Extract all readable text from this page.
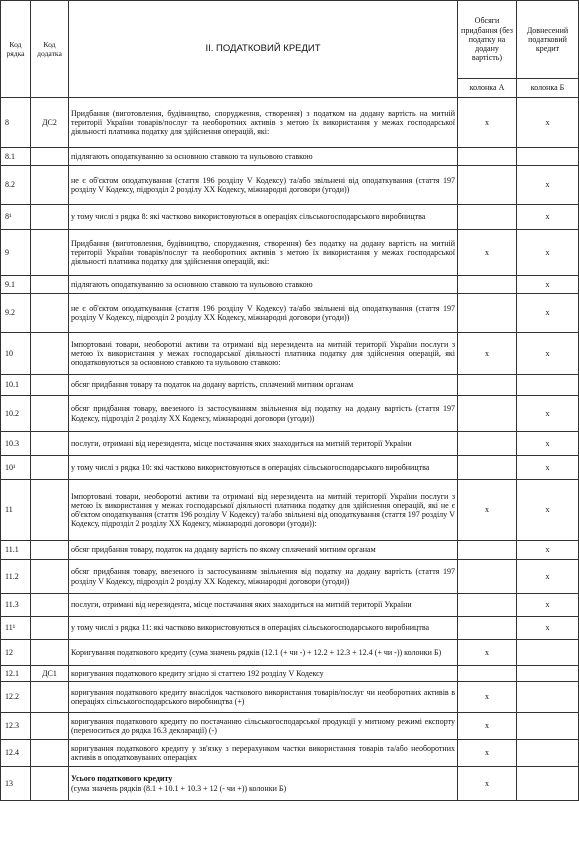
Код рядка	Код додатка	ІІ. ПОДАТКОВИЙ КРЕДИТ	Обсяги придбання (без податку на додану вартість)	Довнесений податковий кредит
			колонка А	колонка Б
8	ДС2	Придбання (виготовлення, будівництво, спорудження, створення) з податком на додану вартість на митній території України товарів/послуг та необоротних активів з метою їх використання у межах господарської діяльності платника податку для здійснення операцій, які:	x	x
8.1		підлягають оподаткуванню за основною ставкою та нульовою ставкою		
8.2		не є об'єктом оподаткування (стаття 196 розділу V Кодексу) та/або звільнені від оподаткування (стаття 197 розділу V Кодексу, підрозділ 2 розділу XX Кодексу, міжнародні договори (угоди))		x
8¹		у тому числі з рядка 8: які частково використовуються в операціях сільськогосподарського виробництва		x
9		Придбання (виготовлення, будівництво, спорудження, створення) без податку на додану вартість на митній території України товарів/послуг та необоротних активів з метою їх використання у межах господарської діяльності платника податку для здійснення операцій, які:	x	x
9.1		підлягають оподаткуванню за основною ставкою та нульовою ставкою		x
9.2		не є об'єктом оподаткування (стаття 196 розділу V Кодексу) та/або звільнені від оподаткування (стаття 197 розділу V Кодексу, підрозділ 2 розділу XX Кодексу, міжнародні договори (угоди))		x
10		Імпортовані товари, необоротні активи та отримані від нерезидента на митній території України послуги з метою їх використання у межах господарської діяльності платника податку для здійснення операцій, які оподатковуються за основною ставкою та нульовою ставкою:	x	x
10.1		обсяг придбання товару та податок на додану вартість, сплачений митним органам		
10.2		обсяг придбання товару, ввезеного із застосуванням звільнення від податку на додану вартість (стаття 197 Кодексу, підрозділ 2 розділу XX Кодексу, міжнародні договори (угоди))		x
10.3		послуги, отримані від нерезидента, місце постачання яких знаходиться на митній території України		x
10¹		у тому числі з рядка 10: які частково використовуються в операціях сільськогосподарського виробництва		x
11		Імпортовані товари, необоротні активи та отримані від нерезидента на митній території України послуги з метою їх використання у межах господарської діяльності платника податку для здійснення операцій, які не є об'єктом оподаткування (стаття 196 розділу V Кодексу) та/або звільнені від оподаткування (стаття 197 розділу V Кодексу, підрозділ 2 розділу XX Кодексу, міжнародні договори (угоди)):	x	x
11.1		обсяг придбання товару, податок на додану вартість по якому сплачений митним органам		x
11.2		обсяг придбання товару, ввезеного із застосуванням звільнення від податку на додану вартість (стаття 197 розділу V Кодексу, підрозділ 2 розділу XX Кодексу, міжнародні договори (угоди))		x
11.3		послуги, отримані від нерезидента, місце постачання яких знаходиться на митній території України		x
11¹		у тому числі з рядка 11: які частково використовуються в операціях сільськогосподарського виробництва		x
12		Коригування податкового кредиту (сума значень рядків (12.1 (+ чи -) + 12.2 + 12.3 + 12.4 (+ чи -)) колонки Б)	x	
12.1	ДС1	коригування податкового кредиту згідно зі статтею 192 розділу V Кодексу		
12.2		коригування податкового кредиту внаслідок часткового використання товарів/послуг чи необоротних активів в операціях сільськогосподарського виробництва (+)	x	
12.3		коригування податкового кредиту по постачанню сільськогосподарської продукції у митному режимі експорту (переноситься до рядка 16.3 декларації) (-)	x	
12.4		коригування податкового кредиту у зв'язку з перерахунком частки використання товарів та/або необоротних активів в оподатковуваних операціях	x	
13		Усього податкового кредиту
(сума значень рядків (8.1 + 10.1 + 10.3 + 12 (- чи +)) колонки Б)	x	
